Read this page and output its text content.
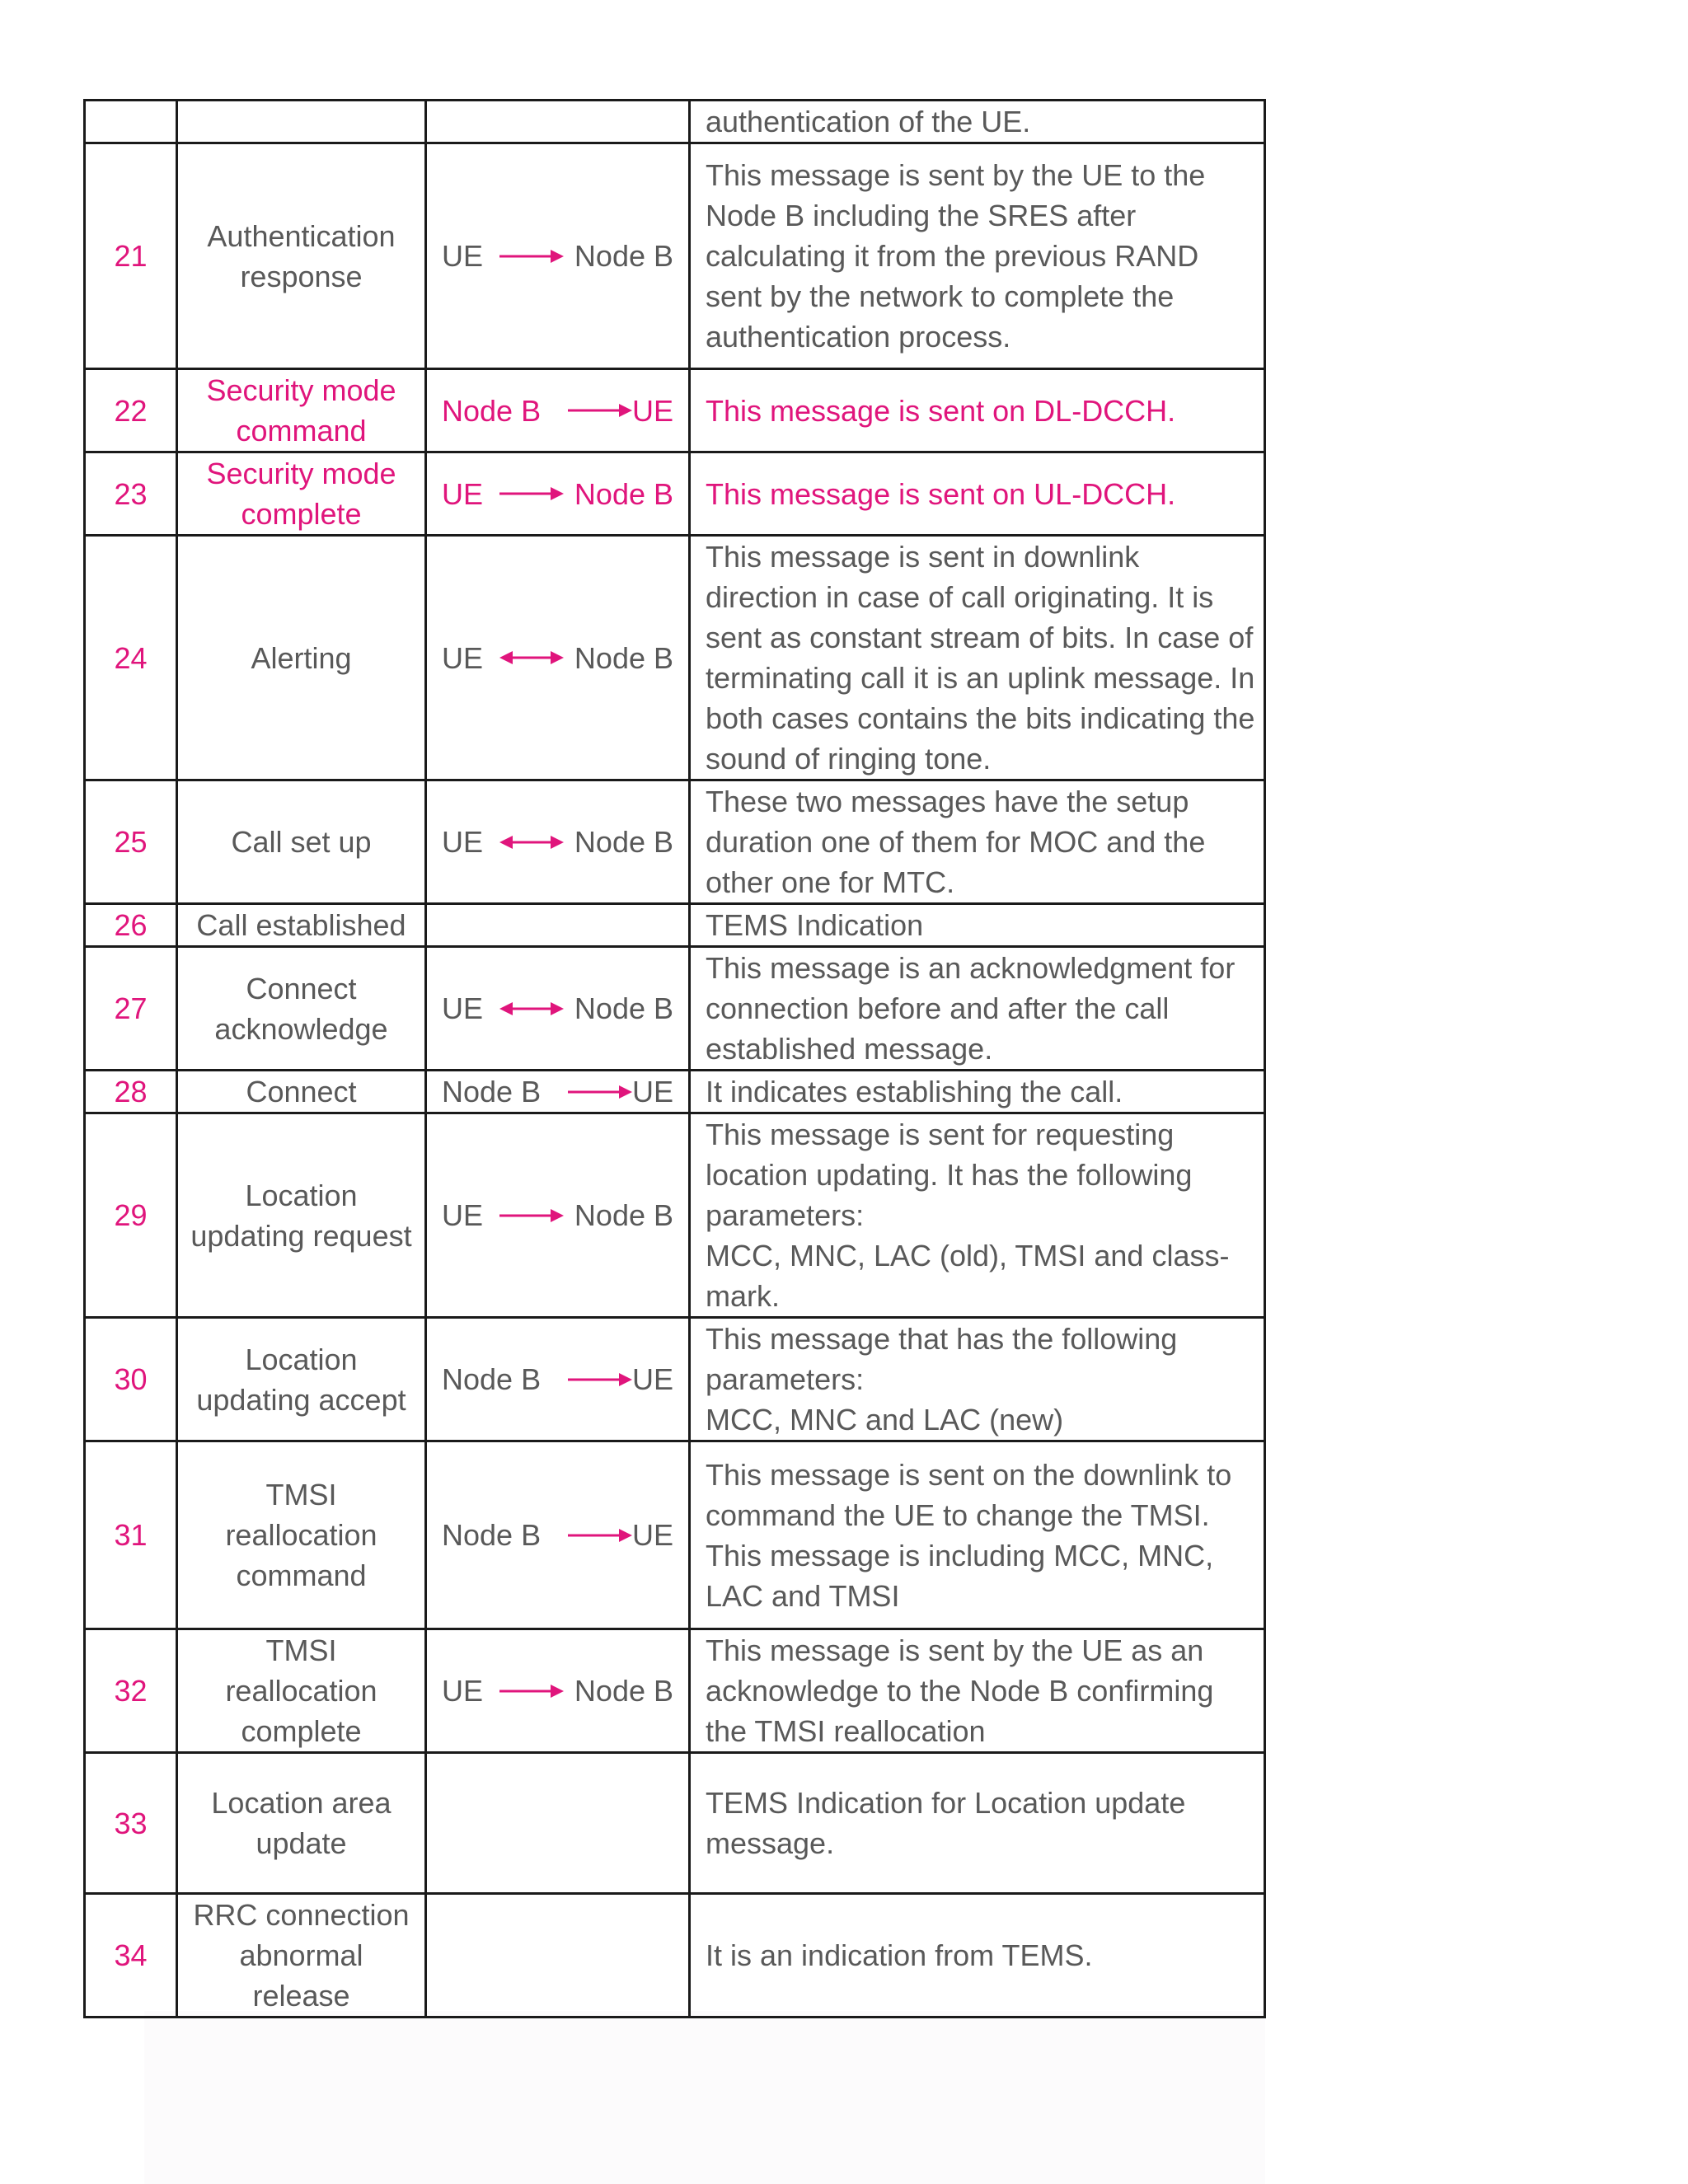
			authentication of the UE.
21	Authentication response	UE Node B	This message is sent by the UE to the Node B including the SRES after calculating it from the previous RAND sent by the network to complete the authentication process.
22	Security mode command	Node B UE	This message is sent on DL-DCCH.
23	Security mode complete	UE Node B	This message is sent on UL-DCCH.
24	Alerting	UE Node B	This message is sent in downlink direction in case of call originating. It is sent as constant stream of bits. In case of terminating call it is an uplink message. In both cases contains the bits indicating the sound of ringing tone.
25	Call set up	UE Node B	These two messages have the setup duration one of them for MOC and the other one for MTC.
26	Call established		TEMS Indication
27	Connect acknowledge	UE Node B	This message is an acknowledgment for connection before and after the call established message.
28	Connect	Node B UE	It indicates establishing the call.
29	Location updating request	UE Node B	This message is sent for requesting location updating. It has the following parameters:
MCC, MNC, LAC (old), TMSI and class-mark.
30	Location updating accept	Node B UE	This message that has the following parameters:
MCC, MNC and LAC (new)
31	TMSI reallocation command	Node B UE	This message is sent on the downlink to command the UE to change the TMSI. This message is including MCC, MNC, LAC and TMSI
32	TMSI reallocation complete	UE Node B	This message is sent by the UE as an acknowledge to the Node B confirming the TMSI reallocation
33	Location area update		TEMS Indication for Location update message.
34	RRC connection abnormal release		It is an indication from TEMS.
